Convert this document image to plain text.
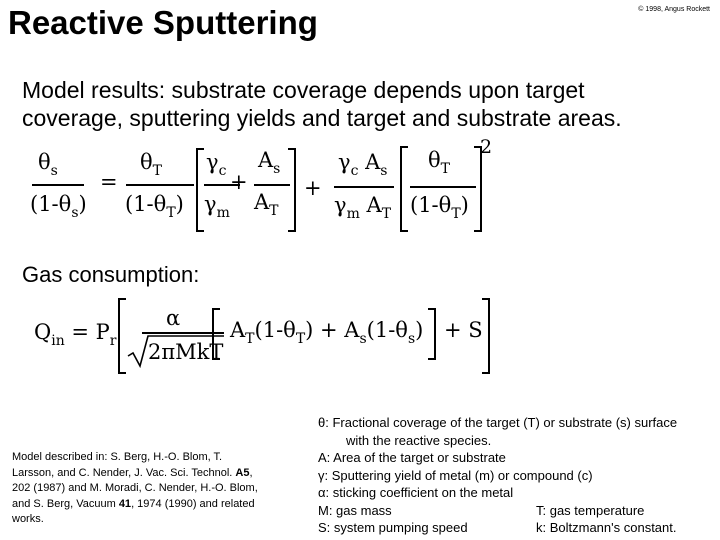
Reactive Sputtering	© 1998, Angus Rockett
Model results: substrate coverage depends upon target
coverage, sputtering yields and target and substrate areas.
$\theta_s$
$(1-\theta_s)$
=
$\theta_T$
$(1-\theta_T)$
$\gamma_c$
$\gamma_m$
+
$A_s$
$A_T$
+
$\gamma_c$ $A_s$
$\gamma_m$ $A_T$
$\theta_T$
$(1-\theta_T)$
2
Gas consumption:
$Q_{in} = P_r$
α
2πMkT
$A_T(1-\theta_T) + A_s(1-\theta_s) + S$
Model described in: S. Berg, H.-O. Blom, T. Larsson, and C. Nender, J. Vac. Sci. Technol. A5, 202 (1987) and M. Moradi, C. Nender, H.-O. Blom, and S. Berg, Vacuum 41, 1974 (1990) and related works.
θ: Fractional coverage of the target (T) or substrate (s) surface
with the reactive species.
A: Area of the target or substrate
γ: Sputtering yield of metal (m) or compound (c)
α: sticking coefficient on the metal
M: gas mass	T: gas temperature
S: system pumping speed	k: Boltzmann's constant.
